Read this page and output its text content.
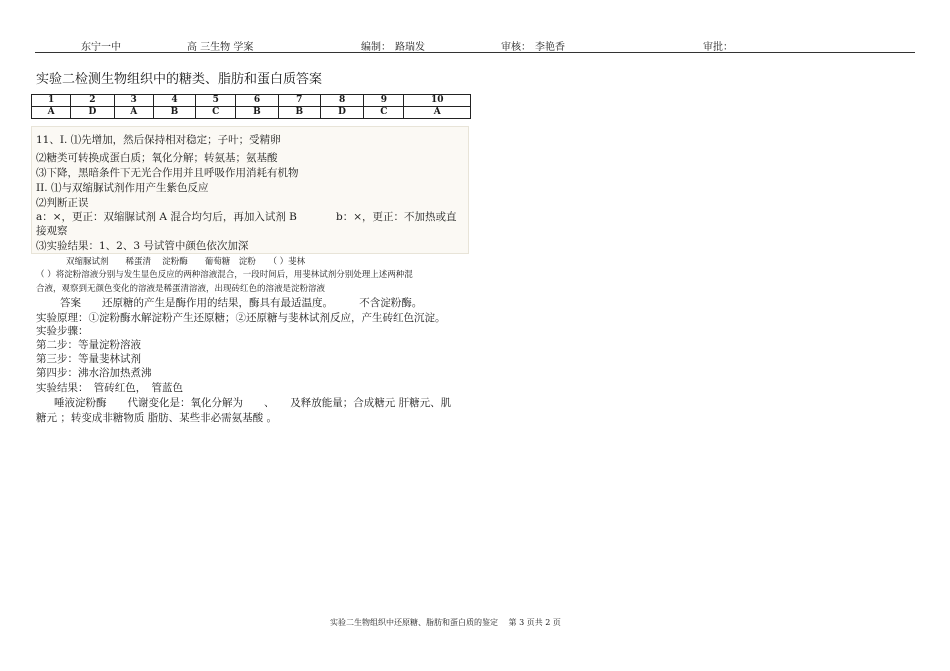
东宁一中	高 三生物 学案	编制： 路瑞发	审核： 李艳香	审批：
实验二检测生物组织中的糖类、脂肪和蛋白质答案
1	2	3	4	5	6	7	8	9	10
A	D	A	B	C	B	B	D	C	A
11、I. ⑴先增加，然后保持相对稳定；子叶；受精卵
⑵糖类可转换成蛋白质；氧化分解；转氨基；氨基酸
⑶下降，黑暗条件下无光合作用并且呼吸作用消耗有机物
II. ⑴与双缩脲试剂作用产生紫色反应
⑵判断正误
a：×，更正：双缩脲试剂 A 混合均匀后，再加入试剂 B	b：×，更正：不加热或直
接观察
⑶实验结果：1、2、3 号试管中颜色依次加深
双缩脲试剂　　稀蛋清　 淀粉酶　　葡萄糖　淀粉　　（ ）斐林
（ ）将淀粉溶液分别与发生显色反应的两种溶液混合，一段时间后，用斐林试剂分别处理上述两种混
合液，观察到无颜色变化的溶液是稀蛋清溶液，出现砖红色的溶液是淀粉溶液
答案　　还原糖的产生是酶作用的结果，酶具有最适温度。　　　不含淀粉酶。
实验原理：①淀粉酶水解淀粉产生还原糖；②还原糖与斐林试剂反应，产生砖红色沉淀。
实验步骤：
第二步：等量淀粉溶液
第三步：等量斐林试剂
第四步：沸水浴加热煮沸
实验结果：　管砖红色，　管蓝色
唾液淀粉酶　　代谢变化是：氧化分解为　　、　　及释放能量；合成糖元 肝糖元、肌
糖元 ；转变成非糖物质 脂肪、某些非必需氨基酸 。
实验二生物组织中还原糖、脂肪和蛋白质的鉴定 第 3 页共 2 页
